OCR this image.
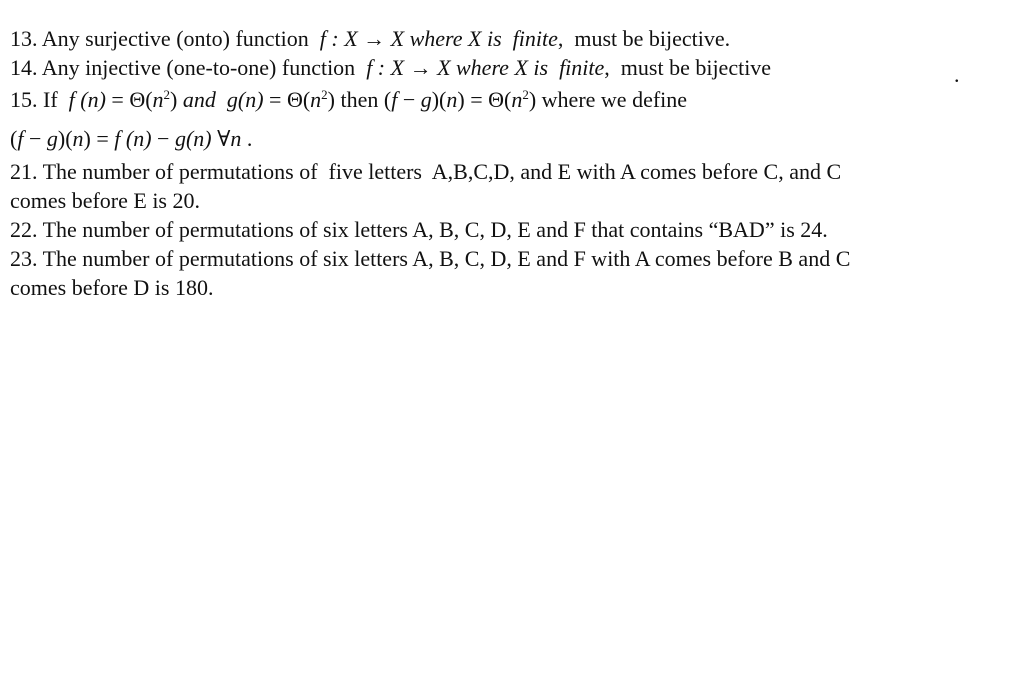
.

13. Any surjective (onto) function  f : X → X where X is  finite,  must be bijective.

14. Any injective (one-to-one) function  f : X → X where X is  finite,  must be bijective

15. If  f $(n) = \Theta(n^2)$ and  $g(n) = \Theta(n^2)$ then $(f - g)(n) = \Theta(n^2)$ where we define
(f − g)(n) = f (n) − g(n) ∀n .

21. The number of permutations of  five letters  A,B,C,D, and E with A comes before C, and C
comes before E is 20.

22. The number of permutations of six letters A, B, C, D, E and F that contains “BAD” is 24.

23. The number of permutations of six letters A, B, C, D, E and F with A comes before B and C
comes before D is 180.
